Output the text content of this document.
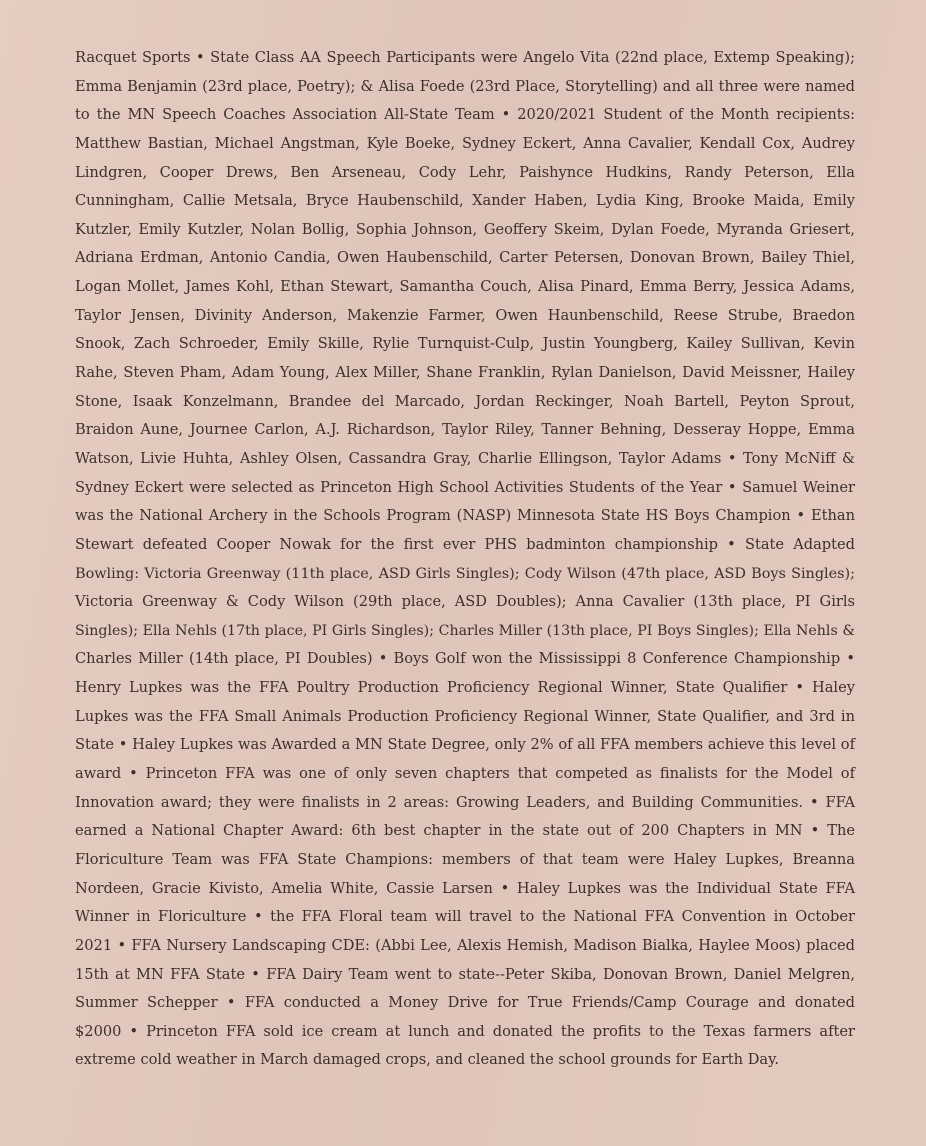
Racquet Sports • State Class AA Speech Participants were Angelo Vita (22nd place, Extemp Speaking);
Emma Benjamin (23rd place, Poetry); & Alisa Foede (23rd Place, Storytelling) and all three were named
to the MN Speech Coaches Association All-State Team • 2020/2021 Student of the Month recipients:
Matthew Bastian, Michael Angstman, Kyle Boeke, Sydney Eckert, Anna Cavalier, Kendall Cox, Audrey
Lindgren, Cooper Drews, Ben Arseneau, Cody Lehr, Paishynce Hudkins, Randy Peterson, Ella
Cunningham, Callie Metsala, Bryce Haubenschild, Xander Haben, Lydia King, Brooke Maida, Emily
Kutzler, Emily Kutzler, Nolan Bollig, Sophia Johnson, Geoffery Skeim, Dylan Foede, Myranda Griesert,
Adriana Erdman, Antonio Candia, Owen Haubenschild, Carter Petersen, Donovan Brown, Bailey Thiel,
Logan Mollet, James Kohl, Ethan Stewart, Samantha Couch, Alisa Pinard, Emma Berry, Jessica Adams,
Taylor Jensen, Divinity Anderson, Makenzie Farmer, Owen Haunbenschild, Reese Strube, Braedon
Snook, Zach Schroeder, Emily Skille, Rylie Turnquist-Culp, Justin Youngberg, Kailey Sullivan, Kevin
Rahe, Steven Pham, Adam Young, Alex Miller, Shane Franklin, Rylan Danielson, David Meissner, Hailey
Stone, Isaak Konzelmann, Brandee del Marcado, Jordan Reckinger, Noah Bartell, Peyton Sprout,
Braidon Aune, Journee Carlon, A.J. Richardson, Taylor Riley, Tanner Behning, Desseray Hoppe, Emma
Watson, Livie Huhta, Ashley Olsen, Cassandra Gray, Charlie Ellingson, Taylor Adams • Tony McNiff &
Sydney Eckert were selected as Princeton High School Activities Students of the Year • Samuel Weiner
was the National Archery in the Schools Program (NASP) Minnesota State HS Boys Champion • Ethan
Stewart defeated Cooper Nowak for the first ever PHS badminton championship • State Adapted
Bowling: Victoria Greenway (11th place, ASD Girls Singles); Cody Wilson (47th place, ASD Boys Singles);
Victoria Greenway & Cody Wilson (29th place, ASD Doubles); Anna Cavalier (13th place, PI Girls
Singles); Ella Nehls (17th place, PI Girls Singles); Charles Miller (13th place, PI Boys Singles); Ella Nehls &
Charles Miller (14th place, PI Doubles) • Boys Golf won the Mississippi 8 Conference Championship •
Henry Lupkes was the FFA Poultry Production Proficiency Regional Winner, State Qualifier • Haley
Lupkes was the FFA Small Animals Production Proficiency Regional Winner, State Qualifier, and 3rd in
State • Haley Lupkes was Awarded a MN State Degree, only 2% of all FFA members achieve this level of
award • Princeton FFA was one of only seven chapters that competed as finalists for the Model of
Innovation award; they were finalists in 2 areas: Growing Leaders, and Building Communities. • FFA
earned a National Chapter Award: 6th best chapter in the state out of 200 Chapters in MN • The
Floriculture Team was FFA State Champions: members of that team were Haley Lupkes, Breanna
Nordeen, Gracie Kivisto, Amelia White, Cassie Larsen • Haley Lupkes was the Individual State FFA
Winner in Floriculture • the FFA Floral team will travel to the National FFA Convention in October
2021 • FFA Nursery Landscaping CDE: (Abbi Lee, Alexis Hemish, Madison Bialka, Haylee Moos) placed
15th at MN FFA State • FFA Dairy Team went to state--Peter Skiba, Donovan Brown, Daniel Melgren,
Summer Schepper • FFA conducted a Money Drive for True Friends/Camp Courage and donated
$2000 • Princeton FFA sold ice cream at lunch and donated the profits to the Texas farmers after
extreme cold weather in March damaged crops, and cleaned the school grounds for Earth Day.
